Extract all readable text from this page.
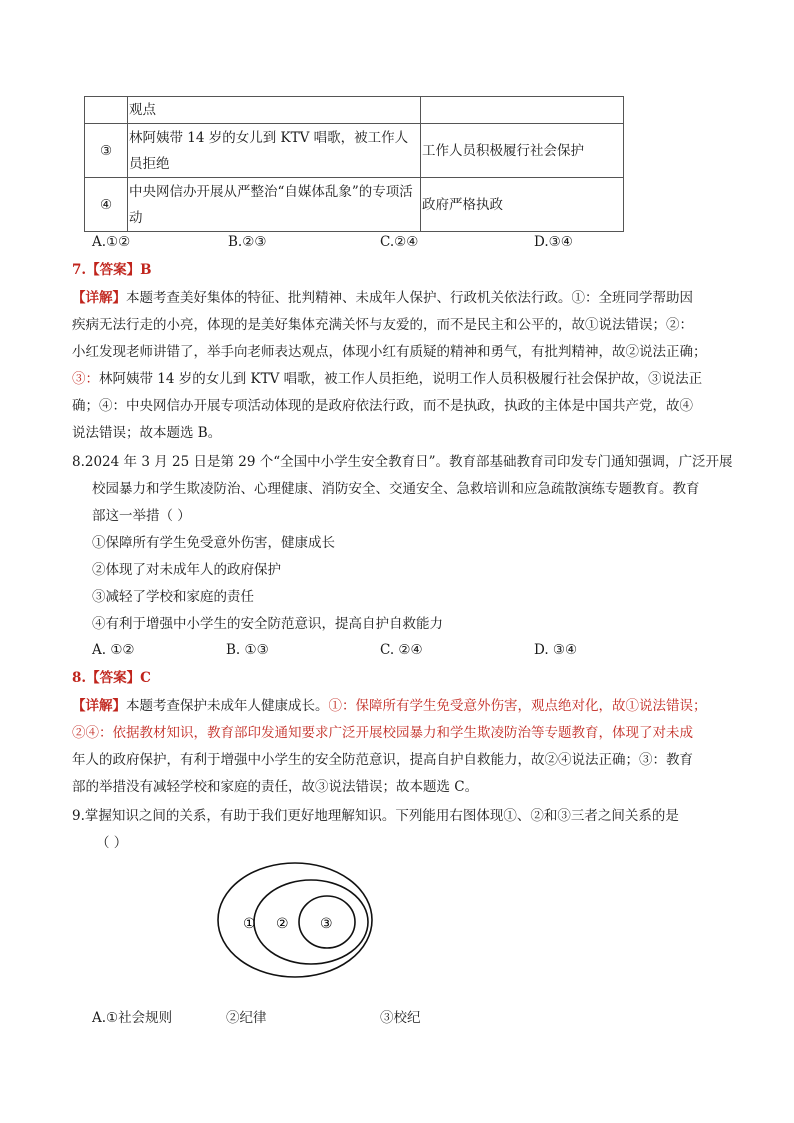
	观点	
③	林阿姨带 14 岁的女儿到 KTV 唱歌，被工作人
员拒绝	工作人员积极履行社会保护
④	中央网信办开展从严整治“自媒体乱象”的专项活
动	政府严格执政
A.①②	B.②③	C.②④	D.③④
7.【答案】B
【详解】本题考查美好集体的特征、批判精神、未成年人保护、行政机关依法行政。①：全班同学帮助因
疾病无法行走的小亮，体现的是美好集体充满关怀与友爱的，而不是民主和公平的，故①说法错误；②：
小红发现老师讲错了，举手向老师表达观点，体现小红有质疑的精神和勇气，有批判精神，故②说法正确；
③：林阿姨带 14 岁的女儿到 KTV 唱歌，被工作人员拒绝，说明工作人员积极履行社会保护故，③说法正
确；④：中央网信办开展专项活动体现的是政府依法行政，而不是执政，执政的主体是中国共产党，故④
说法错误；故本题选 B。
8.2024 年 3 月 25 日是第 29 个“全国中小学生安全教育日”。教育部基础教育司印发专门通知强调，广泛开展
校园暴力和学生欺凌防治、心理健康、消防安全、交通安全、急救培训和应急疏散演练专题教育。教育
部这一举措（ ）
①保障所有学生免受意外伤害，健康成长
②体现了对未成年人的政府保护
③减轻了学校和家庭的责任
④有利于增强中小学生的安全防范意识，提高自护自救能力
A. ①②	B. ①③	C. ②④	D. ③④
8.【答案】C
【详解】本题考查保护未成年人健康成长。①：保障所有学生免受意外伤害，观点绝对化，故①说法错误；
②④：依据教材知识，教育部印发通知要求广泛开展校园暴力和学生欺凌防治等专题教育，体现了对未成
年人的政府保护，有利于增强中小学生的安全防范意识，提高自护自救能力，故②④说法正确；③：教育
部的举措没有减轻学校和家庭的责任，故③说法错误；故本题选 C。
9.掌握知识之间的关系，有助于我们更好地理解知识。下列能用右图体现①、②和③三者之间关系的是
（ ）
① ② ③
A.①社会规则	②纪律	③校纪
